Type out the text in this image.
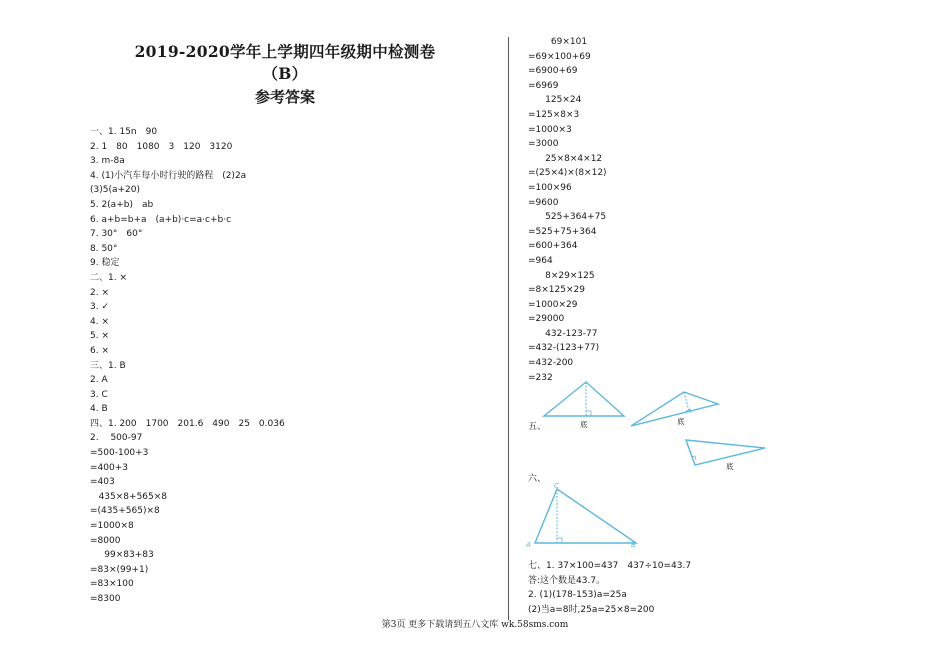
2019-2020学年上学期四年级期中检测卷（B）
参考答案
一、1. 15n　90
2. 1　80　1080　3　120　3120
3. m-8a
4. (1)小汽车每小时行驶的路程　(2)2a
(3)5(a+20)
5. 2(a+b)　ab
6. a+b=b+a　(a+b)·c=a·c+b·c
7. 30°　60°
8. 50°
9. 稳定
二、1. ×
2. ×
3. ✓
4. ×
5. ×
6. ×
三、1. B
2. A
3. C
4. B
四、1. 200　1700　201.6　490　25　0.036
2.　 500-97
=500-100+3
=400+3
=403
435×8+565×8
=(435+565)×8
=1000×8
=8000
99×83+83
=83×(99+1)
=83×100
=8300
69×101
=69×100+69
=6900+69
=6969
125×24
=125×8×3
=1000×3
=3000
25×8×4×12
=(25×4)×(8×12)
=100×96
=9600
525+364+75
=525+75+364
=600+364
=964
8×29×125
=8×125×29
=1000×29
=29000
432-123-77
=432-(123+77)
=432-200
=232
五、	底	底
底
六、
C
A	B
七、1. 37×100=437　437÷10=43.7
答:这个数是43.7。
2. (1)(178-153)a=25a
(2)当a=8时,25a=25×8=200
第3页 更多下载请到五八文库 wk.58sms.com
